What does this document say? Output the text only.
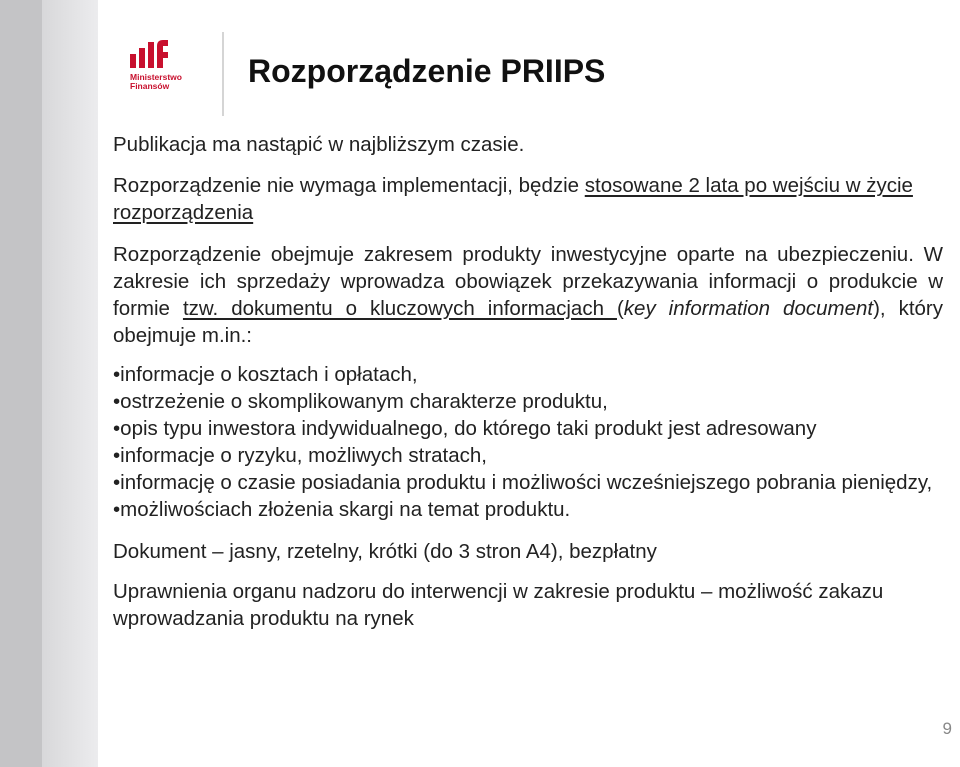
Ministerstwo
Finansów	Rozporządzenie PRIIPS

Publikacja ma nastąpić w najbliższym czasie.

Rozporządzenie nie wymaga implementacji, będzie stosowane 2 lata po wejściu w życie rozporządzenia

Rozporządzenie obejmuje zakresem produkty inwestycyjne oparte na ubezpieczeniu. W zakresie ich sprzedaży wprowadza obowiązek przekazywania informacji o produkcie w formie tzw. dokumentu o kluczowych informacjach (key information document), który obejmuje m.in.:

•informacje o kosztach i opłatach,
•ostrzeżenie o skomplikowanym charakterze produktu,
•opis typu inwestora indywidualnego, do którego taki produkt jest adresowany
•informacje o ryzyku, możliwych stratach,
•informację o czasie posiadania produktu i możliwości wcześniejszego pobrania pieniędzy,
•możliwościach złożenia skargi na temat produktu.

Dokument – jasny, rzetelny, krótki (do 3 stron A4), bezpłatny

Uprawnienia organu nadzoru do interwencji w zakresie produktu – możliwość zakazu wprowadzania produktu na rynek

9
